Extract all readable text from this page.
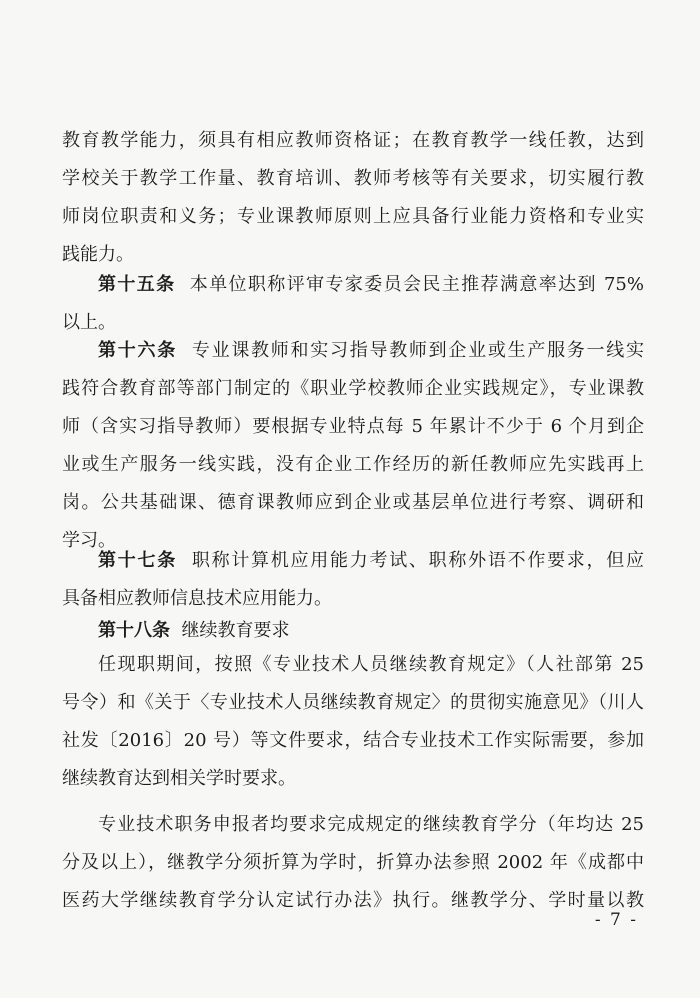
教育教学能力，须具有相应教师资格证；在教育教学一线任教，达到
学校关于教学工作量、教育培训、教师考核等有关要求，切实履行教
师岗位职责和义务；专业课教师原则上应具备行业能力资格和专业实
践能力。
第十五条 本单位职称评审专家委员会民主推荐满意率达到 75%
以上。
第十六条 专业课教师和实习指导教师到企业或生产服务一线实
践符合教育部等部门制定的《职业学校教师企业实践规定》，专业课教
师（含实习指导教师）要根据专业特点每 5 年累计不少于 6 个月到企
业或生产服务一线实践，没有企业工作经历的新任教师应先实践再上
岗。公共基础课、德育课教师应到企业或基层单位进行考察、调研和
学习。
第十七条 职称计算机应用能力考试、职称外语不作要求，但应
具备相应教师信息技术应用能力。
第十八条 继续教育要求
任现职期间，按照《专业技术人员继续教育规定》（人社部第 25
号令）和《关于〈专业技术人员继续教育规定〉的贯彻实施意见》（川人
社发〔2016〕20 号）等文件要求，结合专业技术工作实际需要，参加
继续教育达到相关学时要求。
专业技术职务申报者均要求完成规定的继续教育学分（年均达 25
分及以上），继教学分须折算为学时，折算办法参照 2002 年《成都中
医药大学继续教育学分认定试行办法》执行。继教学分、学时量以教
- 7 -
